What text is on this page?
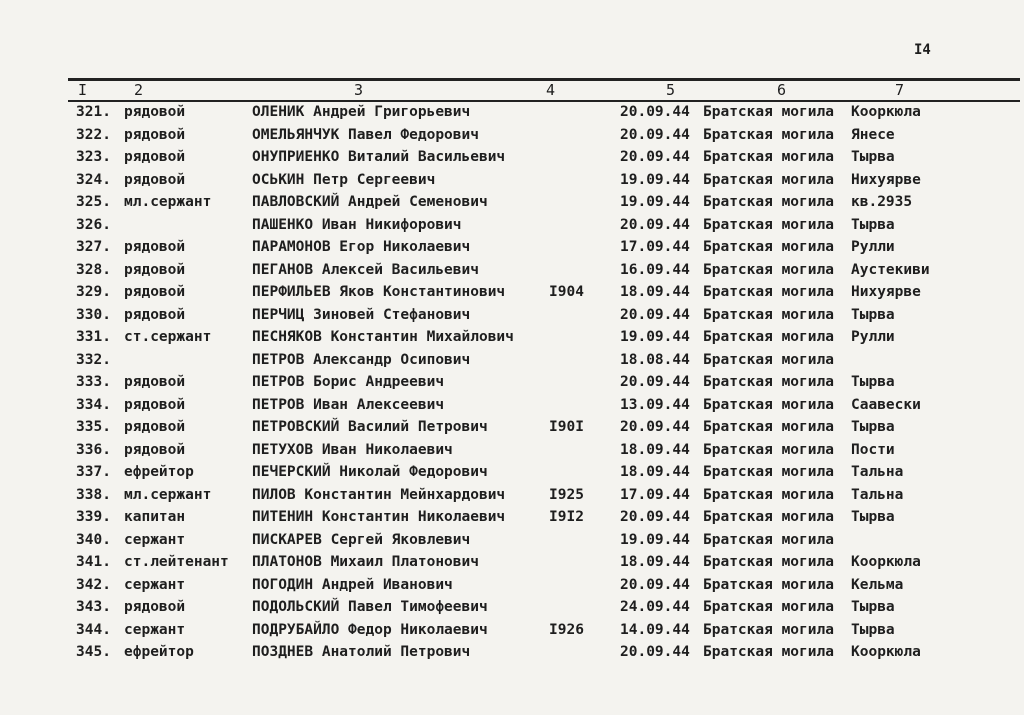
I4
I	2	3	4	5	6	7
321. рядовой	ОЛЕНИК Андрей Григорьевич	20.09.44 Братская могила Кооркюла
322. рядовой	ОМЕЛЬЯНЧУК Павел Федорович	20.09.44 Братская могила Янесе
323. рядовой	ОНУПРИЕНКО Виталий Васильевич	20.09.44 Братская могила Тырва
324. рядовой	ОСЬКИН Петр Сергеевич	19.09.44 Братская могила Нихуярве
325. мл.сержант	ПАВЛОВСКИЙ Андрей Семенович	19.09.44 Братская могила кв.2935
326.	ПАШЕНКО Иван Никифорович	20.09.44 Братская могила Тырва
327. рядовой	ПАРАМОНОВ Егор Николаевич	17.09.44 Братская могила Рулли
328. рядовой	ПЕГАНОВ Алексей Васильевич	16.09.44 Братская могила Аустекиви
329. рядовой	ПЕРФИЛЬЕВ Яков Константинович	I904 18.09.44 Братская могила Нихуярве
330. рядовой	ПЕРЧИЦ Зиновей Стефанович	20.09.44 Братская могила Тырва
331. ст.сержант	ПЕСНЯКОВ Константин Михайлович	19.09.44 Братская могила Рулли
332.	ПЕТРОВ Александр Осипович	18.08.44 Братская могила
333. рядовой	ПЕТРОВ Борис Андреевич	20.09.44 Братская могила Тырва
334. рядовой	ПЕТРОВ Иван Алексеевич	13.09.44 Братская могила Саавески
335. рядовой	ПЕТРОВСКИЙ Василий Петрович	I90I 20.09.44 Братская могила Тырва
336. рядовой	ПЕТУХОВ Иван Николаевич	18.09.44 Братская могила Пости
337. ефрейтор	ПЕЧЕРСКИЙ Николай Федорович	18.09.44 Братская могила Тальна
338. мл.сержант	ПИЛОВ Константин Мейнхардович	I925 17.09.44 Братская могила Тальна
339. капитан	ПИТЕНИН Константин Николаевич	I9I2 20.09.44 Братская могила Тырва
340. сержант	ПИСКАРЕВ Сергей Яковлевич	19.09.44 Братская могила
341. ст.лейтенант ПЛАТОНОВ Михаил Платонович	18.09.44 Братская могила Кооркюла
342. сержант	ПОГОДИН Андрей Иванович	20.09.44 Братская могила Кельма
343. рядовой	ПОДОЛЬСКИЙ Павел Тимофеевич	24.09.44 Братская могила Тырва
344. сержант	ПОДРУБАЙЛО Федор Николаевич	I926 14.09.44 Братская могила Тырва
345. ефрейтор	ПОЗДНЕВ Анатолий Петрович	20.09.44 Братская могила Кооркюла
